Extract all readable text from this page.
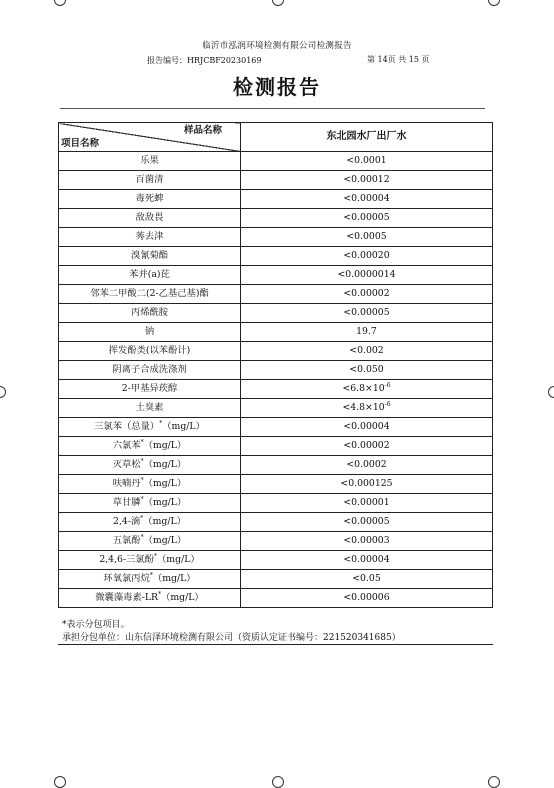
临沂市泓润环境检测有限公司检测报告
报告编号：HRJCBF20230169	第 14页 共 15 页
检测报告
样品名称
项目名称	东北园水厂出厂水
乐果	<0.0001
百菌清	<0.00012
毒死蜱	<0.00004
敌敌畏	<0.00005
莠去津	<0.0005
溴氰菊酯	<0.00020
苯并(a)芘	<0.0000014
邻苯二甲酸二(2-乙基己基)酯	<0.00002
丙烯酰胺	<0.00005
钠	19.7
挥发酚类(以苯酚计)	<0.002
阴离子合成洗涤剂	<0.050
2-甲基异莰醇	$<6.8\times 10^{-6}$
土臭素	$<4.8\times 10^{-6}$
三氯苯（总量）*（mg/L）	<0.00004
六氯苯*（mg/L）	<0.00002
灭草松*（mg/L）	<0.0002
呋喃丹*（mg/L）	<0.000125
草甘膦*（mg/L）	<0.00001
2,4-滴*（mg/L）	<0.00005
五氯酚*（mg/L）	<0.00003
2,4,6-三氯酚*（mg/L）	<0.00004
环氧氯丙烷*（mg/L）	<0.05
微囊藻毒素-LR*（mg/L）	<0.00006
*表示分包项目。
承担分包单位：山东信泽环境检测有限公司（资质认定证书编号：221520341685）
